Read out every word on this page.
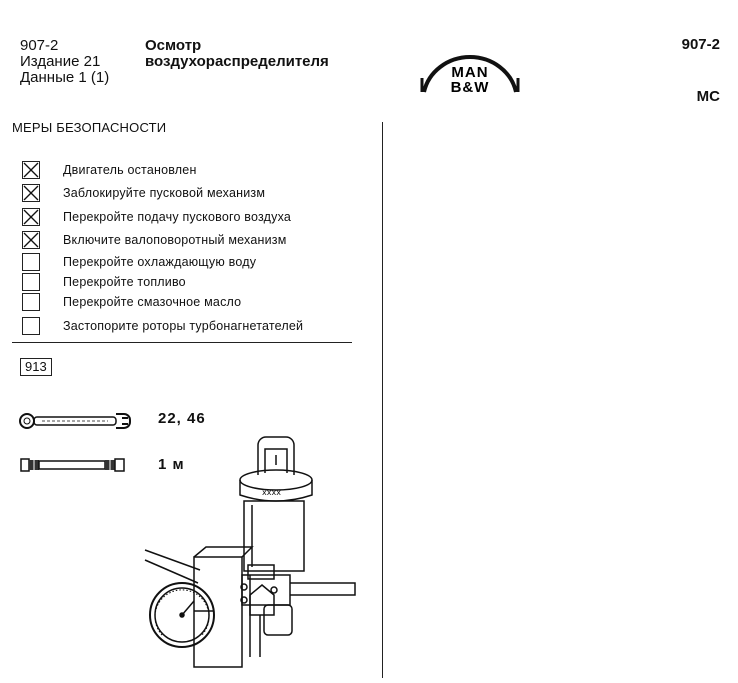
907-2
Издание 21
Данные 1 (1)
Осмотр
воздухораспределителя
MAN
B&W
907-2
MC
МЕРЫ БЕЗОПАСНОСТИ
Двигатель остановлен
Заблокируйте пусковой механизм
Перекройте подачу пускового воздуха
Включите валоповоротный механизм
Перекройте охлаждающую воду
Перекройте топливо
Перекройте смазочное масло
Застопорите роторы турбонагнетателей
913
22, 46
1 м
xxxx
